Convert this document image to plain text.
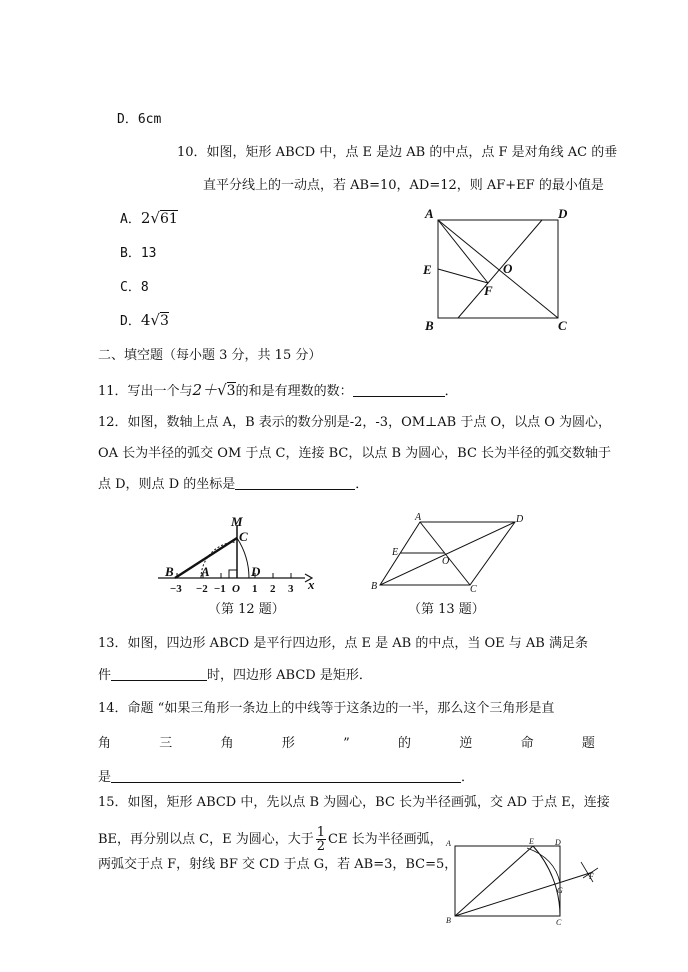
D．6cm
10．如图，矩形 ABCD 中，点 E 是边 AB 的中点，点 F 是对角线 AC 的垂
直平分线上的一动点，若 AB=10，AD=12，则 AF+EF 的最小值是
A．2√61
B．13
C．8
D．4√3
A	D
E	O
F
B	C
二、填空题（每小题 3 分，共 15 分）
11．写出一个与2＋√3的和是有理数的数：	．
12．如图，数轴上点 A，B 表示的数分别是-2，-3，OM⊥AB 于点 O，以点 O 为圆心，
OA 长为半径的弧交 OM 于点 C，连接 BC，以点 B 为圆心，BC 长为半径的弧交数轴于
点 D，则点 D 的坐标是	．
M
C
B A	D
x
−3 −2 −1 O 1 2 3
（第 12 题）
A	D
E
O
B	C
（第 13 题）
13．如图，四边形 ABCD 是平行四边形，点 E 是 AB 的中点，当 OE 与 AB 满足条
件	时，四边形 ABCD 是矩形．
14．命题 “如果三角形一条边上的中线等于这条边的一半，那么这个三角形是直
角	三	角	形	”	的	逆	命	题
是	．
15．如图，矩形 ABCD 中，先以点 B 为圆心，BC 长为半径画弧，交 AD 于点 E，连接
BE，再分别以点 C，E 为圆心，大于 $\frac{1}{2}$ CE 长为半径画弧，
两弧交于点 F，射线 BF 交 CD 于点 G，若 AB=3，BC=5，
A	E	D
G
F
B	C
